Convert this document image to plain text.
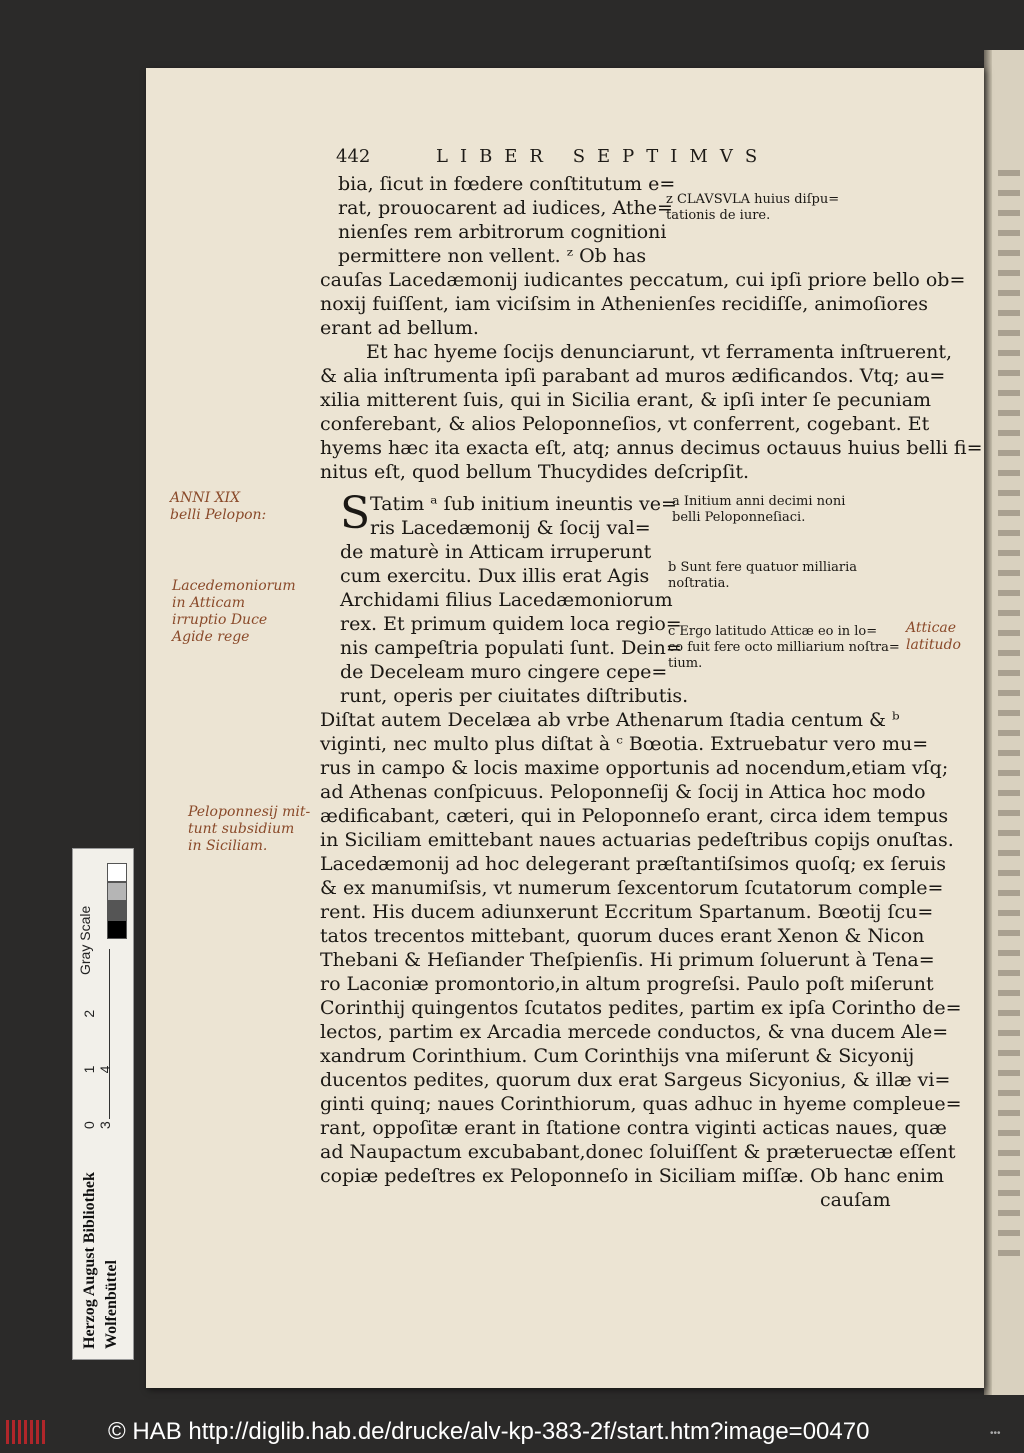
442	LIBER SEPTIMVS
bia, ſicut in fœdere conſtitutum e=
rat, prouocarent ad iudices, Athe=
nienſes rem arbitrorum cognitioni
permittere non vellent. ᶻ Ob has
cauſas Lacedæmonij iudicantes peccatum, cui ipſi priore bello ob=
noxij fuiſſent, iam viciſsim in Athenienſes recidiſſe, animoſiores
erant ad bellum.
Et hac hyeme ſocijs denunciarunt, vt ferramenta inſtruerent,
& alia inſtrumenta ipſi parabant ad muros ædificandos. Vtq; au=
xilia mitterent ſuis, qui in Sicilia erant, & ipſi inter ſe pecuniam
conferebant, & alios Peloponneſios, vt conferrent, cogebant. Et
hyems hæc ita exacta eſt, atq; annus decimus octauus huius belli fi=
nitus eſt, quod bellum Thucydides deſcripſit.
z CLAVSVLA huius diſpu=
tationis de iure.
a Initium anni decimi noni
belli Peloponneſiaci.
b Sunt fere quatuor milliaria
noſtratia.
c Ergo latitudo Atticæ eo in lo=
co fuit fere octo milliarium noſtra=
tium.
S Tatim ᵃ ſub initium ineuntis ve=
ris Lacedæmonij & ſocij val=
de maturè in Atticam irruperunt
cum exercitu. Dux illis erat Agis
Archidami filius Lacedæmoniorum
rex. Et primum quidem loca regio=
nis campeſtria populati ſunt. Dein=
de Deceleam muro cingere cepe=
runt, operis per ciuitates diſtributis.
Diſtat autem Decelæa ab vrbe Athenarum ſtadia centum & ᵇ
viginti, nec multo plus diſtat à ᶜ Bœotia. Extruebatur vero mu=
rus in campo & locis maxime opportunis ad nocendum,etiam vſq;
ad Athenas conſpicuus. Peloponneſij & ſocij in Attica hoc modo
ædificabant, cæteri, qui in Peloponneſo erant, circa idem tempus
in Siciliam emittebant naues actuarias pedeſtribus copijs onuſtas.
Lacedæmonij ad hoc delegerant præſtantiſsimos quoſq; ex ſeruis
& ex manumiſsis, vt numerum ſexcentorum ſcutatorum comple=
rent. His ducem adiunxerunt Eccritum Spartanum. Bœotij ſcu=
tatos trecentos mittebant, quorum duces erant Xenon & Nicon
Thebani & Heſiander Theſpienſis. Hi primum ſoluerunt à Tena=
ro Laconiæ promontorio,in altum progreſsi. Paulo poſt miſerunt
Corinthij quingentos ſcutatos pedites, partim ex ipſa Corintho de=
lectos, partim ex Arcadia mercede conductos, & vna ducem Ale=
xandrum Corinthium. Cum Corinthijs vna miſerunt & Sicyonij
ducentos pedites, quorum dux erat Sargeus Sicyonius, & illæ vi=
ginti quinq; naues Corinthiorum, quas adhuc in hyeme compleue=
rant, oppoſitæ erant in ſtatione contra viginti acticas naues, quæ
ad Naupactum excubabant,donec ſoluiſſent & præteruectæ eſſent
copiæ pedeſtres ex Peloponneſo in Siciliam miſſæ. Ob hanc enim
cauſam
ANNI XIX
belli Pelopon:
Lacedemoniorum
in Atticam
irruptio Duce
Agide rege
Peloponnesij mit-
tunt subsidium
in Siciliam.
Atticae
latitudo
Gray Scale
0 1 2 3 4
Herzog August Bibliothek Wolfenbüttel
© HAB http://diglib.hab.de/drucke/alv-kp-383-2f/start.htm?image=00470	•••
